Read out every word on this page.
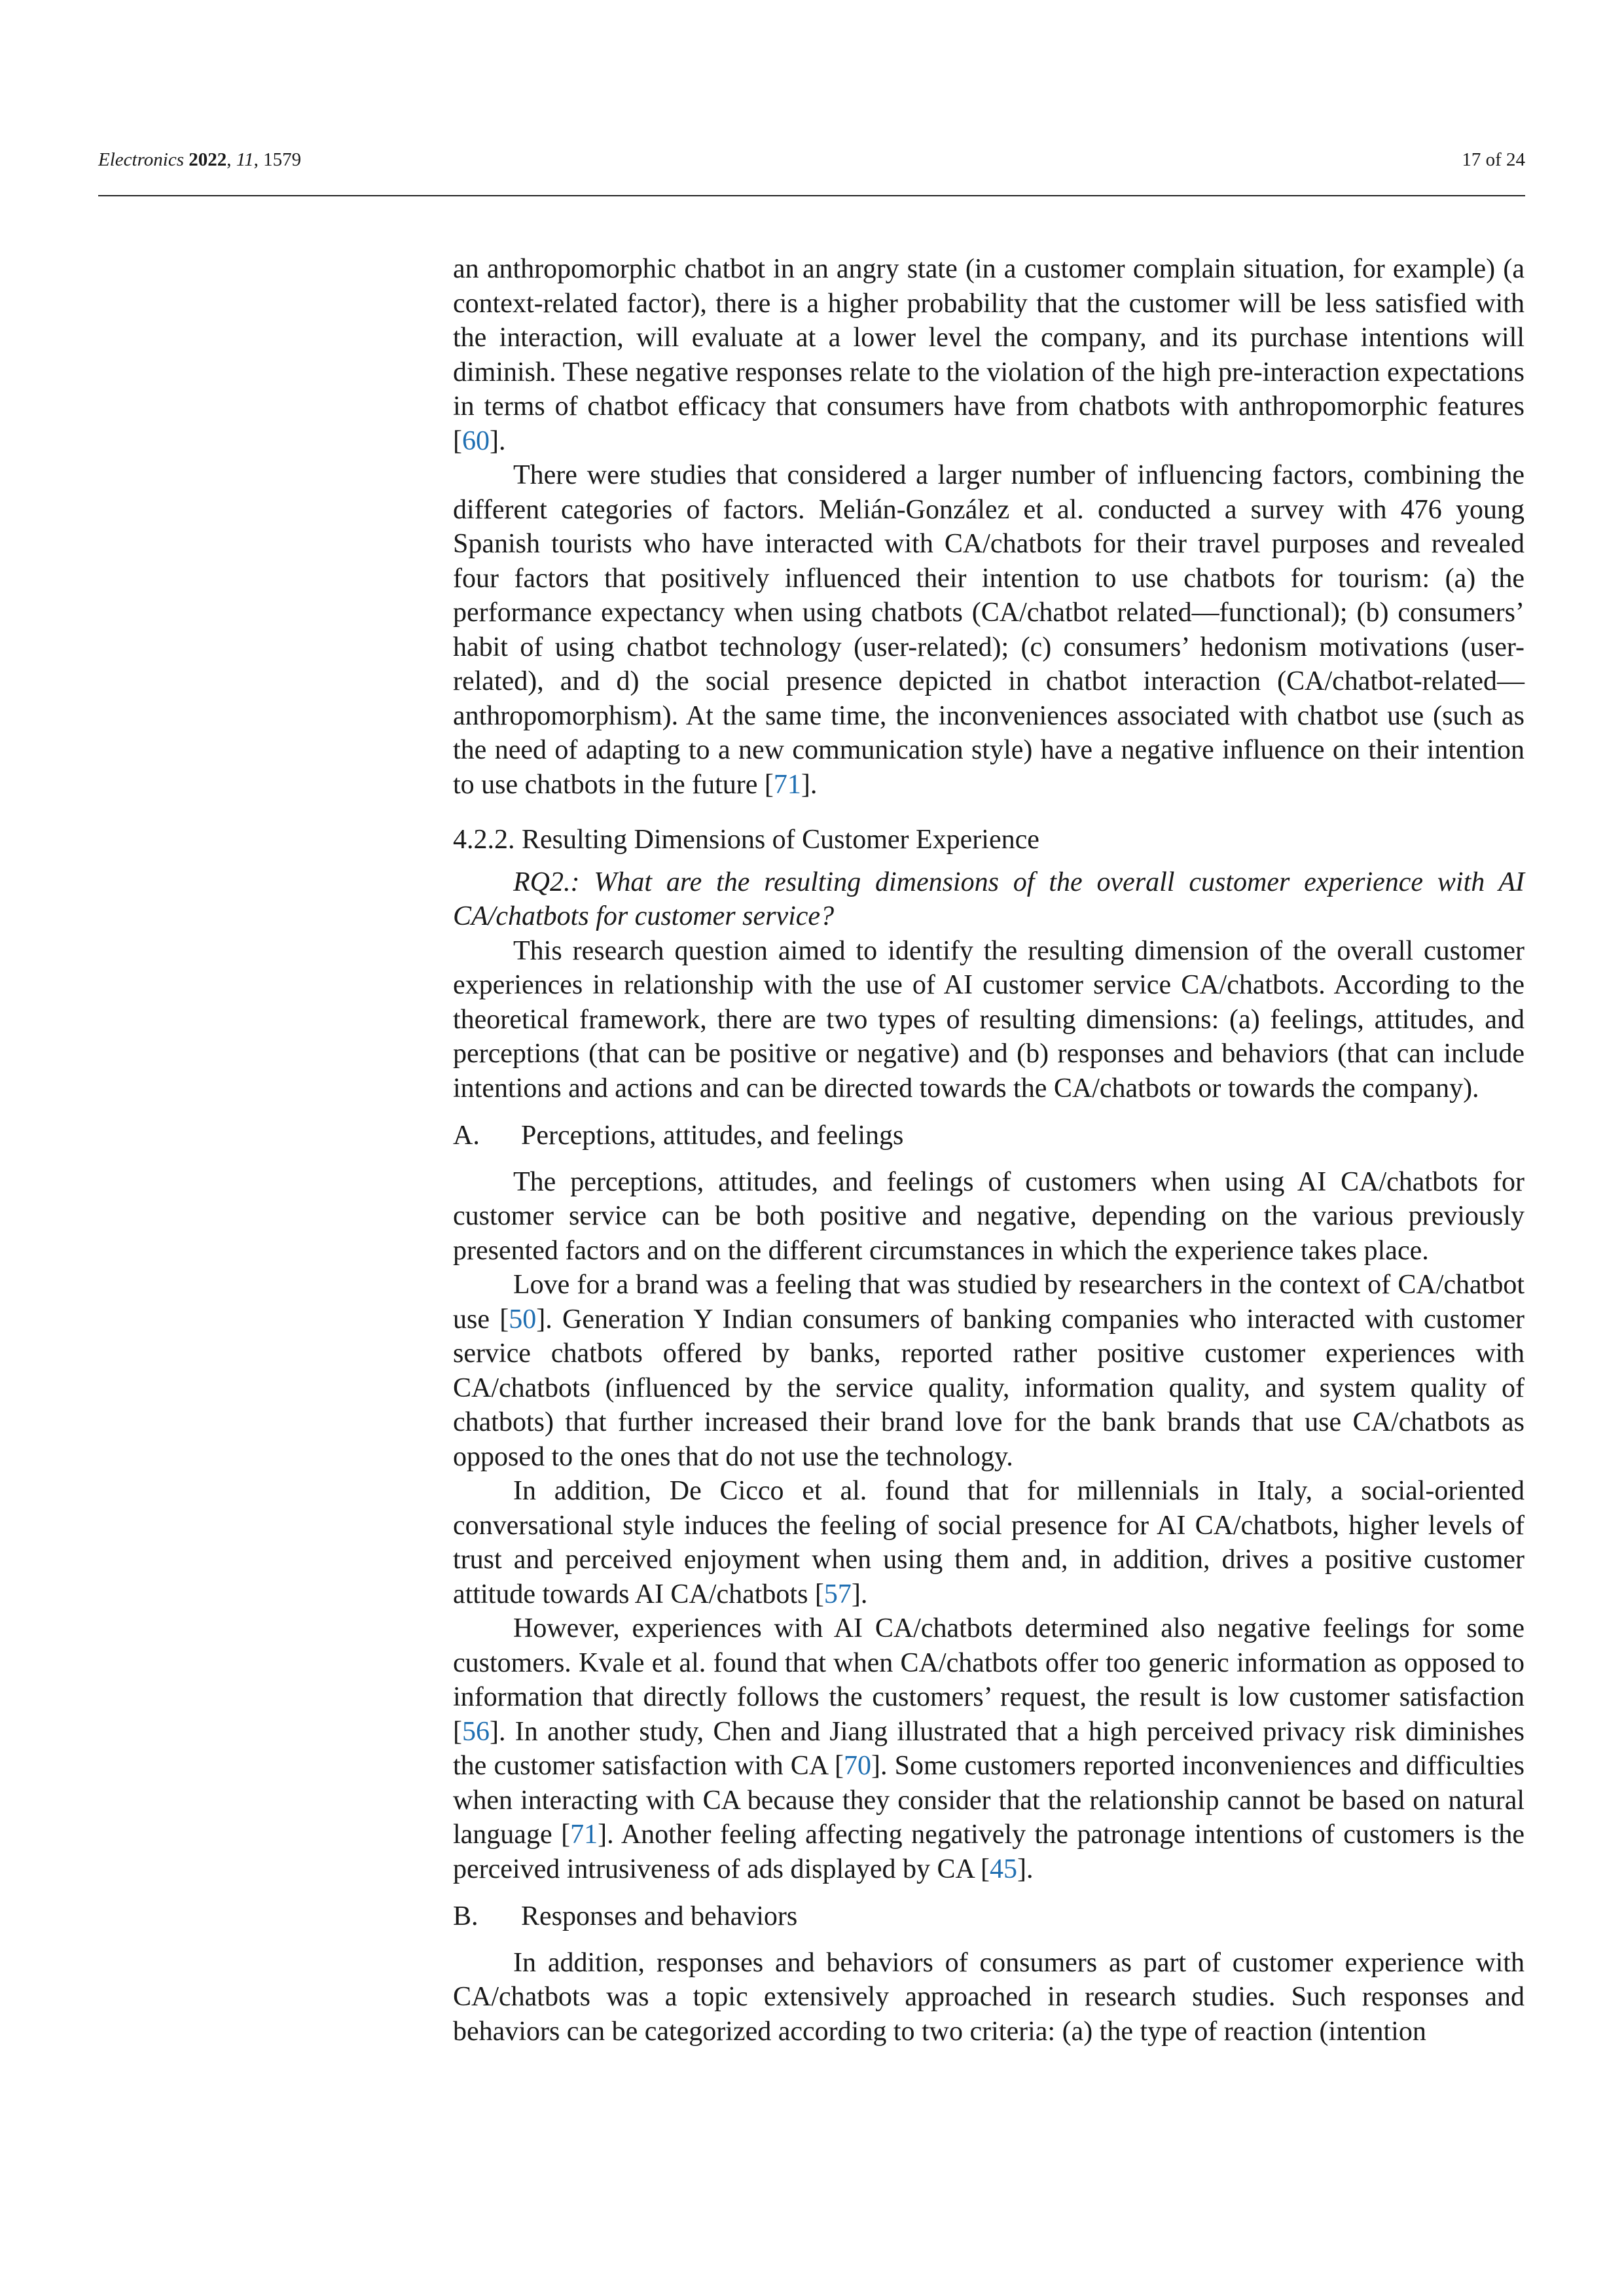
Electronics 2022, 11, 1579	17 of 24

an anthropomorphic chatbot in an angry state (in a customer complain situation, for example) (a context-related factor), there is a higher probability that the customer will be less satisfied with the interaction, will evaluate at a lower level the company, and its purchase intentions will diminish. These negative responses relate to the violation of the high pre-interaction expectations in terms of chatbot efficacy that consumers have from chatbots with anthropomorphic features [60].

There were studies that considered a larger number of influencing factors, combining the different categories of factors. Melián-González et al. conducted a survey with 476 young Spanish tourists who have interacted with CA/chatbots for their travel purposes and revealed four factors that positively influenced their intention to use chatbots for tourism: (a) the performance expectancy when using chatbots (CA/chatbot related—functional); (b) consumers’ habit of using chatbot technology (user-related); (c) consumers’ hedonism motivations (user-related), and d) the social presence depicted in chatbot interaction (CA/chatbot-related—anthropomorphism). At the same time, the inconveniences associated with chatbot use (such as the need of adapting to a new communication style) have a negative influence on their intention to use chatbots in the future [71].

4.2.2. Resulting Dimensions of Customer Experience

RQ2.: What are the resulting dimensions of the overall customer experience with AI CA/chatbots for customer service?

This research question aimed to identify the resulting dimension of the overall customer experiences in relationship with the use of AI customer service CA/chatbots. According to the theoretical framework, there are two types of resulting dimensions: (a) feelings, attitudes, and perceptions (that can be positive or negative) and (b) responses and behaviors (that can include intentions and actions and can be directed towards the CA/chatbots or towards the company).

A. Perceptions, attitudes, and feelings

The perceptions, attitudes, and feelings of customers when using AI CA/chatbots for customer service can be both positive and negative, depending on the various previously presented factors and on the different circumstances in which the experience takes place.

Love for a brand was a feeling that was studied by researchers in the context of CA/chatbot use [50]. Generation Y Indian consumers of banking companies who interacted with customer service chatbots offered by banks, reported rather positive customer experiences with CA/chatbots (influenced by the service quality, information quality, and system quality of chatbots) that further increased their brand love for the bank brands that use CA/chatbots as opposed to the ones that do not use the technology.

In addition, De Cicco et al. found that for millennials in Italy, a social-oriented conversational style induces the feeling of social presence for AI CA/chatbots, higher levels of trust and perceived enjoyment when using them and, in addition, drives a positive customer attitude towards AI CA/chatbots [57].

However, experiences with AI CA/chatbots determined also negative feelings for some customers. Kvale et al. found that when CA/chatbots offer too generic information as opposed to information that directly follows the customers’ request, the result is low customer satisfaction [56]. In another study, Chen and Jiang illustrated that a high perceived privacy risk diminishes the customer satisfaction with CA [70]. Some customers reported inconveniences and difficulties when interacting with CA because they consider that the relationship cannot be based on natural language [71]. Another feeling affecting negatively the patronage intentions of customers is the perceived intrusiveness of ads displayed by CA [45].

B. Responses and behaviors

In addition, responses and behaviors of consumers as part of customer experience with CA/chatbots was a topic extensively approached in research studies. Such responses and behaviors can be categorized according to two criteria: (a) the type of reaction (intention
